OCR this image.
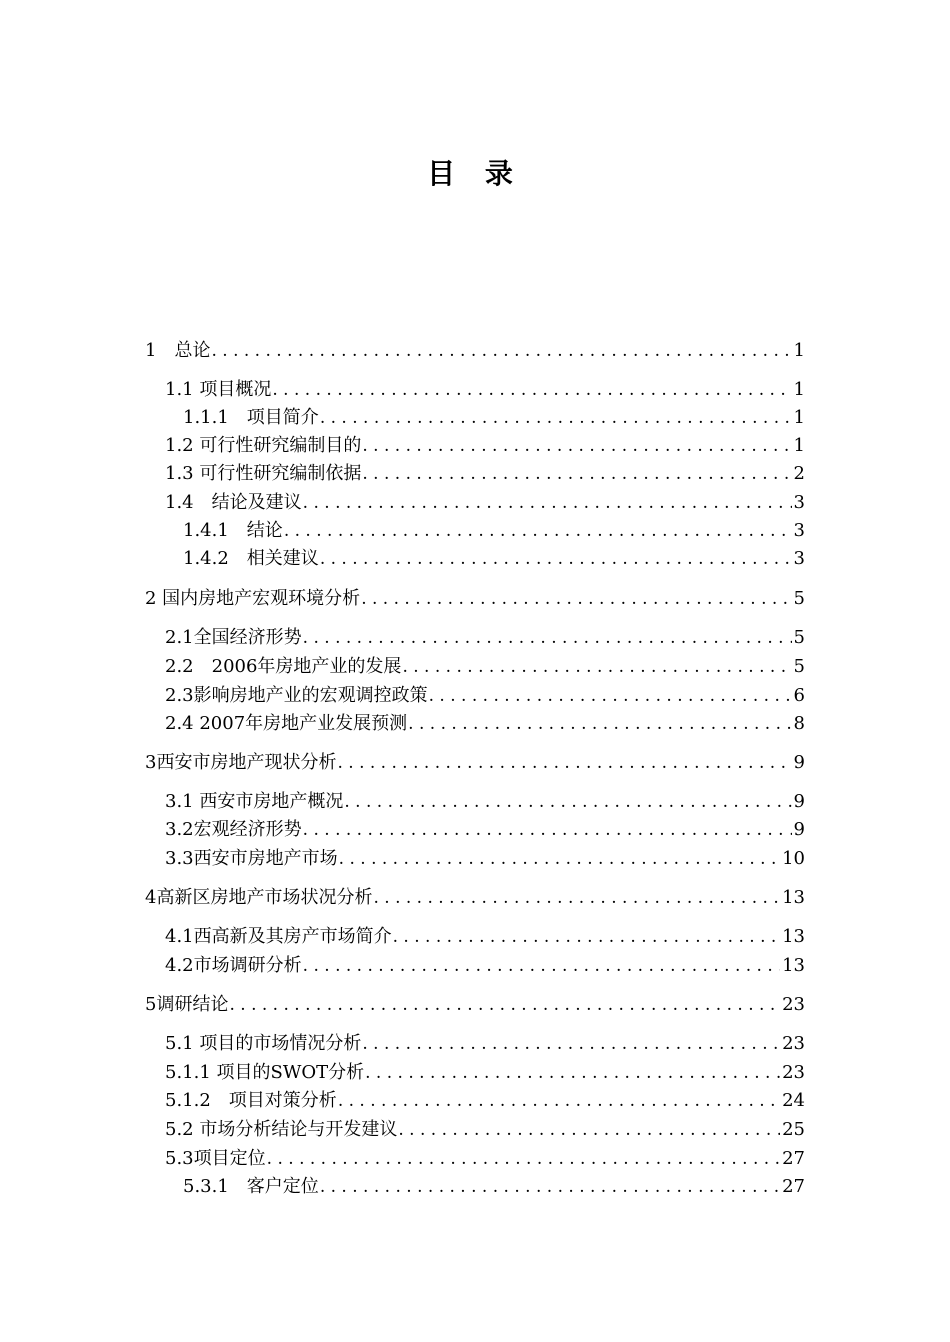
目 录
1　总论 . . .	1
1.1 项目概况 . . .	1
1.1.1　项目简介 . . .	1
1.2 可行性研究编制目的 . . .	1
1.3 可行性研究编制依据 . . .	2
1.4　结论及建议 . . .	3
1.4.1　结论 . . .	3
1.4.2　相关建议 . . .	3
2 国内房地产宏观环境分析 . . .	5
2.1全国经济形势 . . .	5
2.2　2006年房地产业的发展 . . .	5
2.3影响房地产业的宏观调控政策 . . .	6
2.4 2007年房地产业发展预测 . . .	8
3西安市房地产现状分析 . . .	9
3.1 西安市房地产概况 . . .	9
3.2宏观经济形势 . . .	9
3.3西安市房地产市场 . . .	10
4高新区房地产市场状况分析 . . .	13
4.1西高新及其房产市场简介 . . .	13
4.2市场调研分析 . . .	13
5调研结论 . . .	23
5.1 项目的市场情况分析 . . .	23
5.1.1 项目的SWOT分析 . . .	23
5.1.2　项目对策分析 . . .	24
5.2 市场分析结论与开发建议 . . .	25
5.3项目定位 . . .	27
5.3.1　客户定位 . . .	27
